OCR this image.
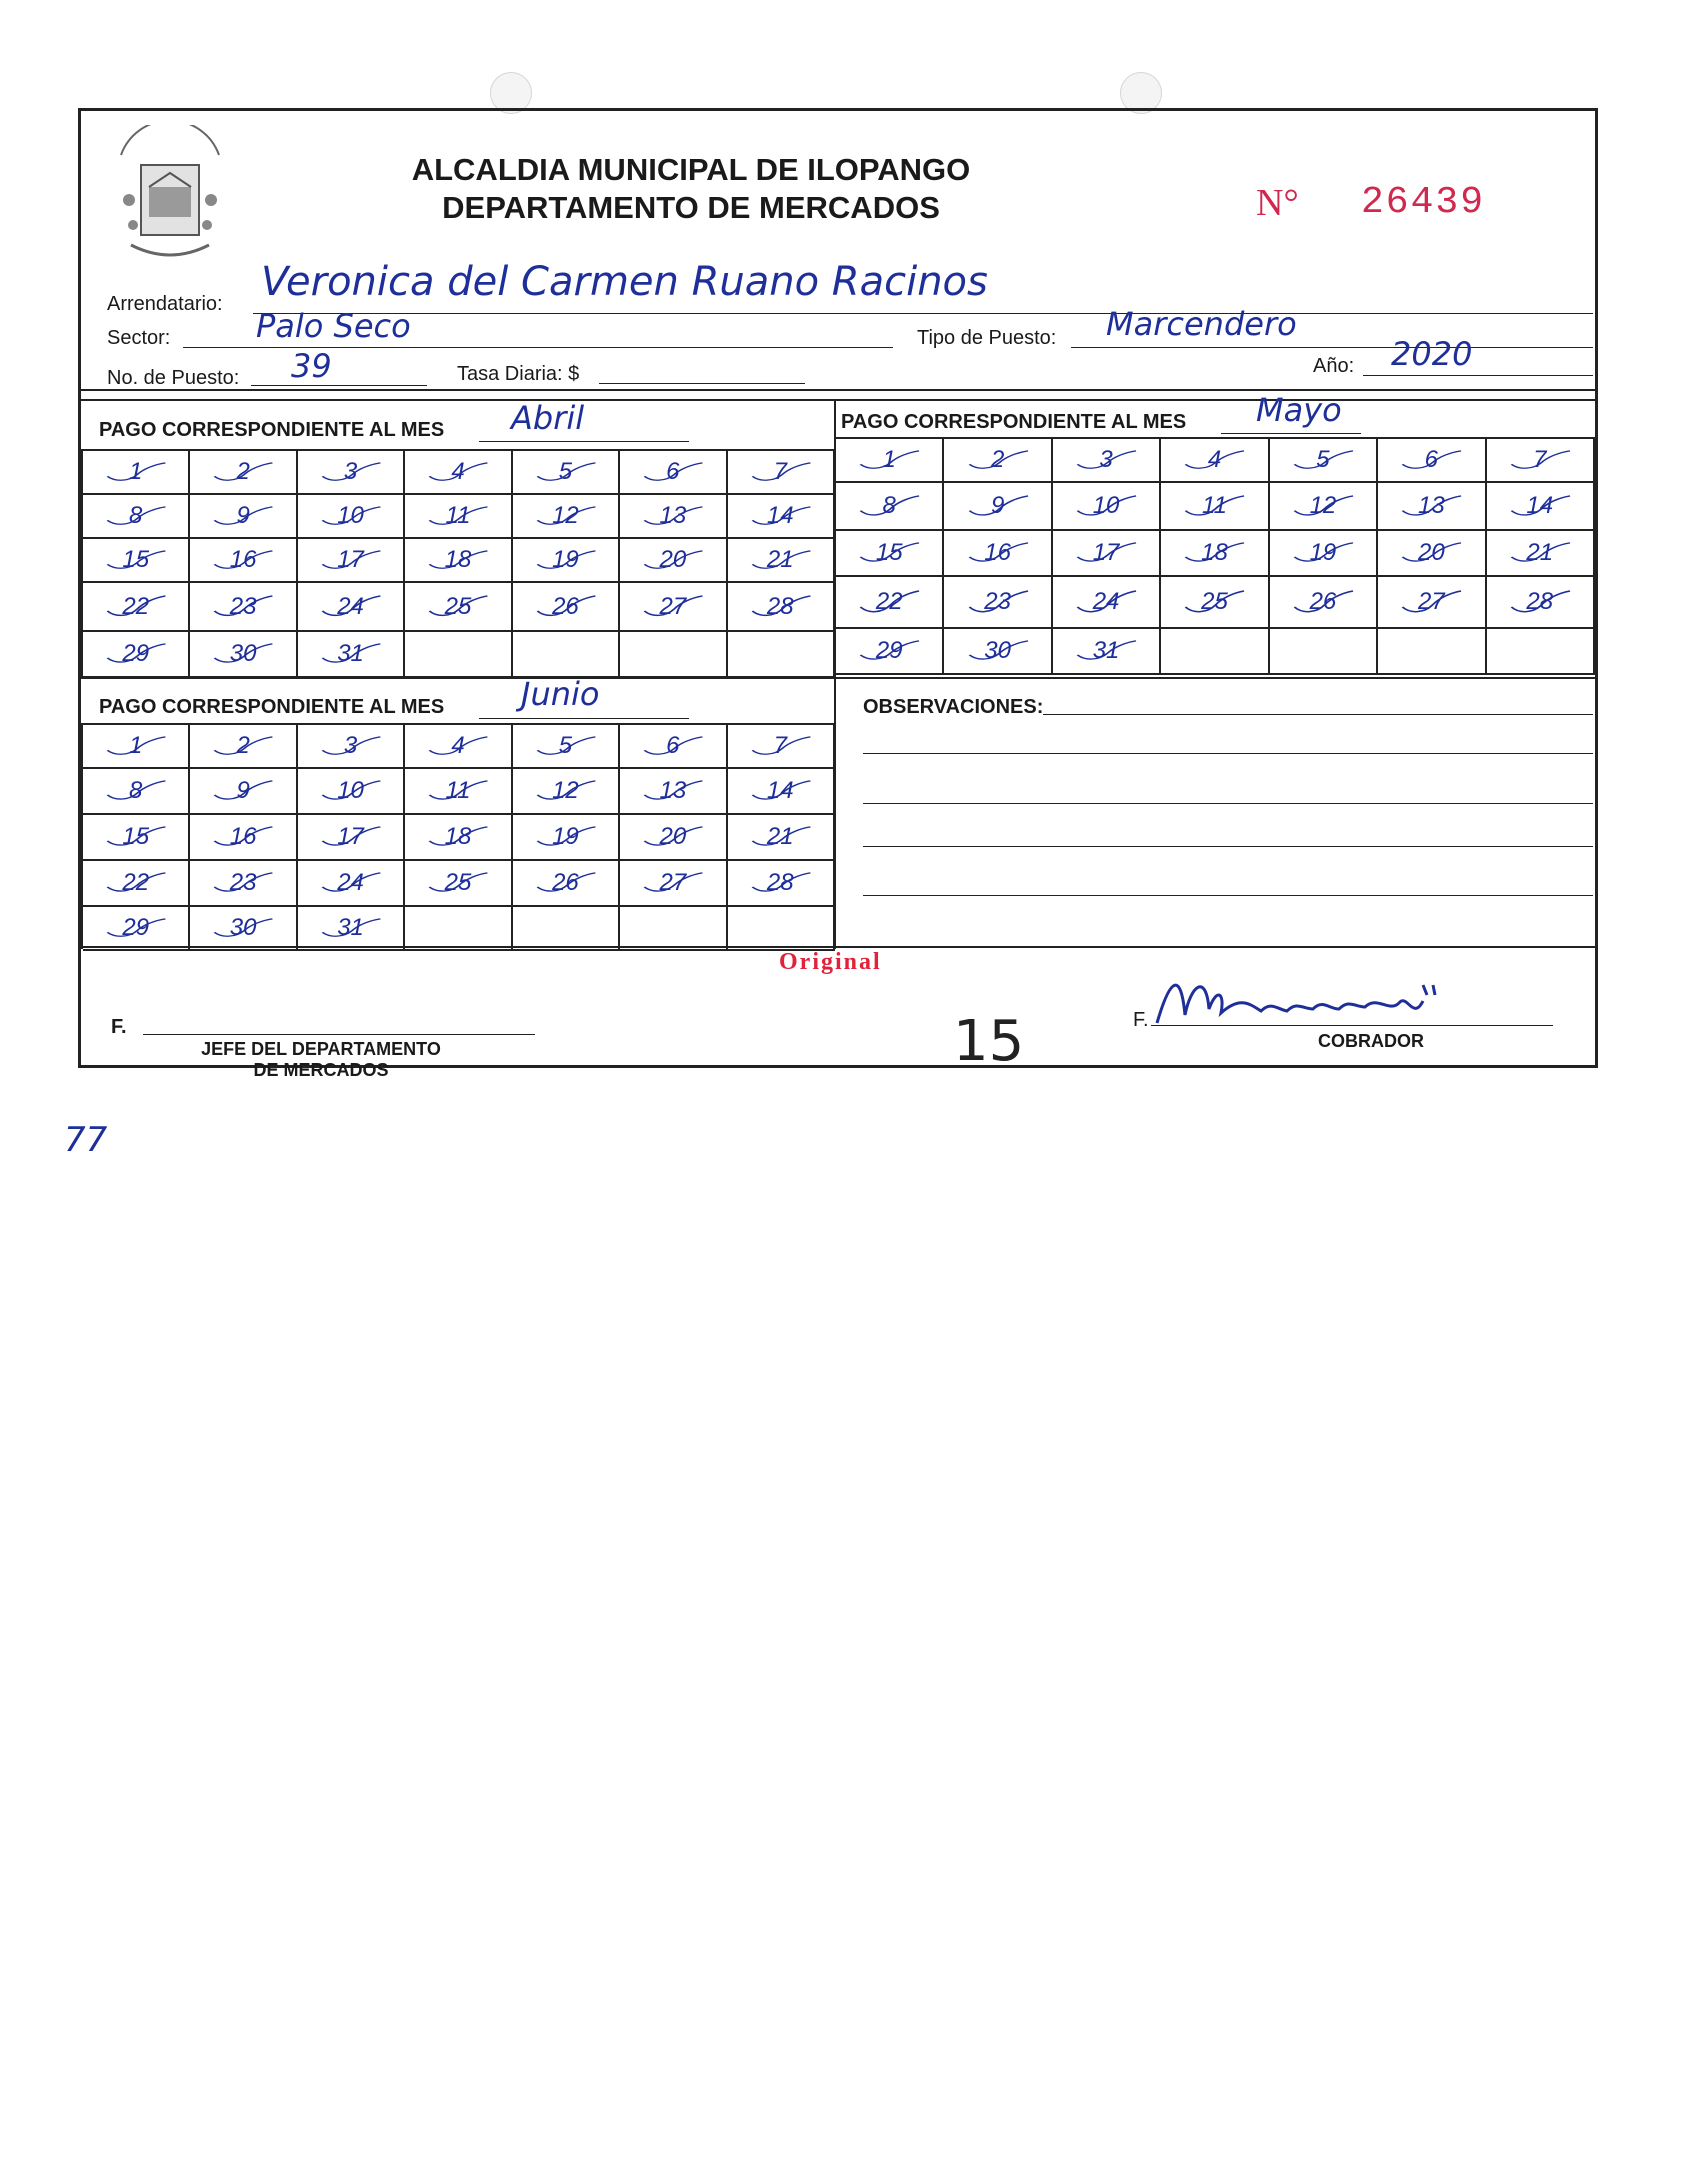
ALCALDIA MUNICIPAL DE ILOPANGO
DEPARTAMENTO DE MERCADOS	N° 26439
Arrendatario: Veronica del Carmen Ruano Racinos
Sector:	Palo Seco	Tipo de Puesto: Marcendero
No. de Puesto: 39	Tasa Diaria: $	Año: 2020
PAGO CORRESPONDIENTE AL MES Abril
1	2	3	4	5	6	7
8	9	10	11	12	13	14
15	16	17	18	19	20	21
22	23	24	25	26	27	28
29	30	31
PAGO CORRESPONDIENTE AL MES Mayo
1	2	3	4	5	6	7
8	9	10	11	12	13	14
15	16	17	18	19	20	21
22	23	24	25	26	27	28
29	30	31
PAGO CORRESPONDIENTE AL MES Junio
1	2	3	4	5	6	7
8	9	10	11	12	13	14
15	16	17	18	19	20	21
22	23	24	25	26	27	28
29	30	31
OBSERVACIONES:
Original
F.
JEFE DEL DEPARTAMENTO
DE MERCADOS	15	F.
COBRADOR
77
